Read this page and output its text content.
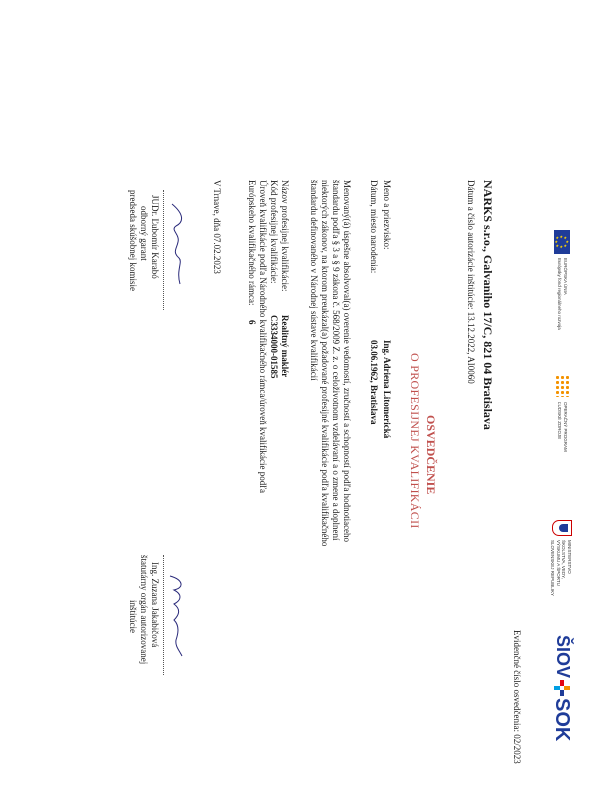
★
★
★
★
★
★ ★ ★
EURÓPSKA ÚNIA
Európsky fond regionálneho rozvoja
OPERAČNÝ PROGRAM
ĽUDSKÉ ZDROJE
MINISTERSTVO
ŠKOLSTVA, VEDY,
VÝSKUMU A ŠPORTU
SLOVENSKEJ REPUBLIKY
ŠIOV
SOK
Evidenčné číslo osvedčenia: 02/2023
NARKS s.r.o., Galvaniho 17/C, 821 04 Bratislava
Dátum a číslo autorizácie inštitúcie: 13.12.2022, AI0060
OSVEDČENIE
O PROFESIJNEJ KVALIFIKÁCII
Meno a priezvisko:
Ing. Adriena Litomerická
Dátum, miesto narodenia:
03.06.1962, Bratislava
Menovaný(á) úspešne absolvoval(a) overenie vedomostí, zručností a schopností podľa hodnotiaceho
štandardu podľa § 3 a § 9 zákona č. 568/2009 Z. z. o celoživotnom vzdelávaní a o zmene a doplnení
niektorých zákonov, na ktorom preukázal(a) požadované profesijné kvalifikácie podľa kvalifikačného
štandardu definovaného v Národnej sústave kvalifikácií
Názov profesijnej kvalifikácie:
Realitný maklér
Kód profesijnej kvalifikácie:
C3334000-01585
Úroveň kvalifikácie podľa Národného kvalifikačného rámca/úroveň kvalifikácie podľa
Európskeho kvalifikačného rámca:
6
V Trnave, dňa 07.02.2023
JUDr. Ľubomír Karabó
odborný garant
predseda skúšobnej komisie
Ing. Zuzana Jakabičová
štatutárny orgán autorizovanej
inštitúcie
